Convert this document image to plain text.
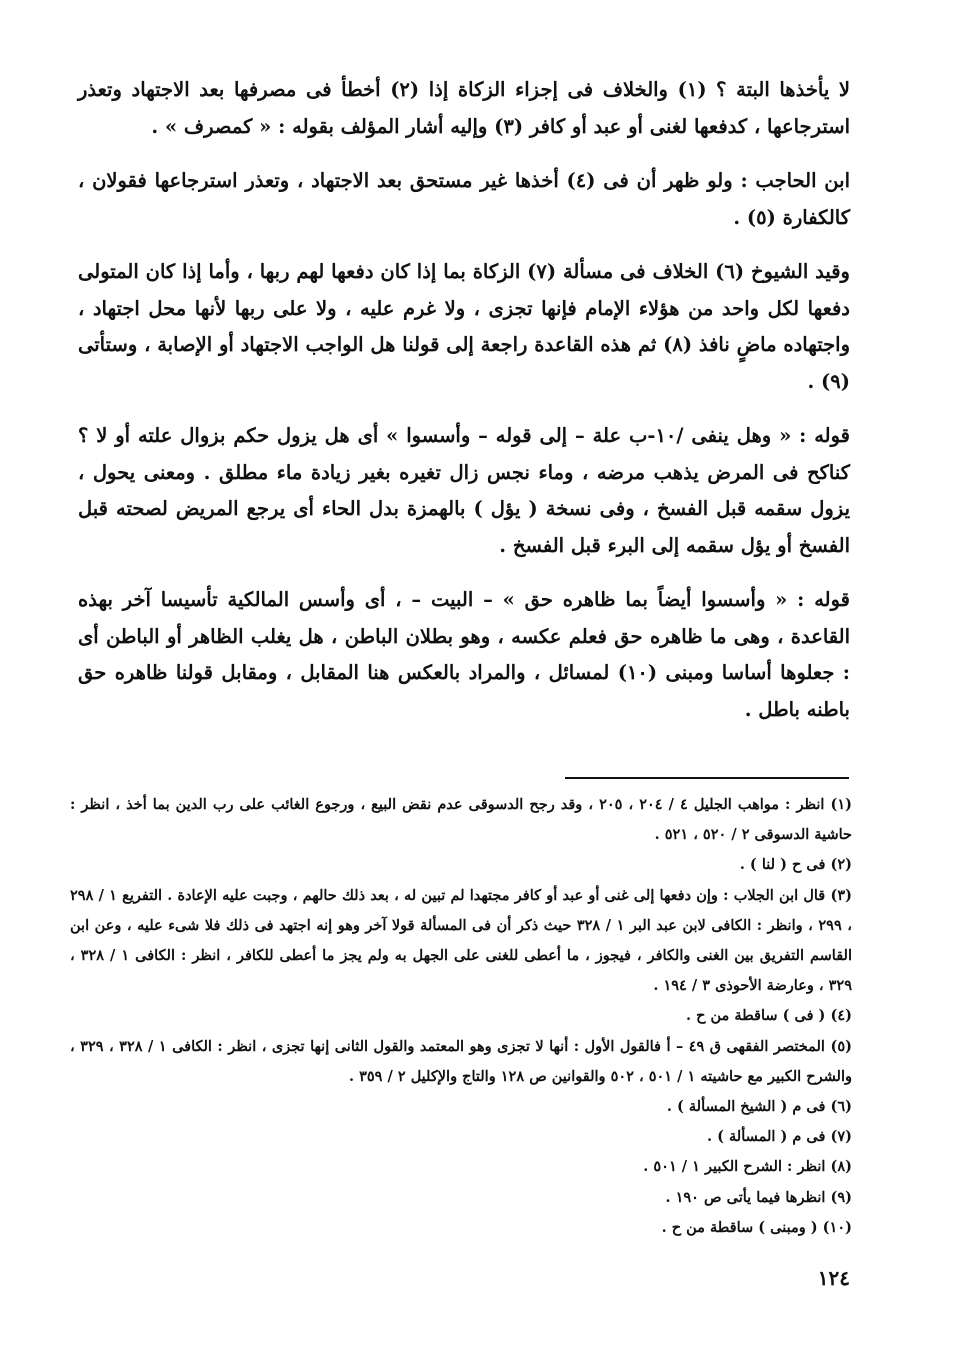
لا يأخذها البتة ؟ (١) والخلاف فى إجزاء الزكاة إذا (٢) أخطأ فى مصرفها بعد الاجتهاد وتعذر استرجاعها ، كدفعها لغنى أو عبد أو كافر (٣) وإليه أشار المؤلف بقوله : « كمصرف » .

ابن الحاجب : ولو ظهر أن فى (٤) أخذها غير مستحق بعد الاجتهاد ، وتعذر استرجاعها فقولان ، كالكفارة (٥) .

وقيد الشيوخ (٦) الخلاف فى مسألة (٧) الزكاة بما إذا كان دفعها لهم ربها ، وأما إذا كان المتولى دفعها لكل واحد من هؤلاء الإمام فإنها تجزى ، ولا غرم عليه ، ولا على ربها لأنها محل اجتهاد ، واجتهاده ماضٍ نافذ (٨) ثم هذه القاعدة راجعة إلى قولنا هل الواجب الاجتهاد أو الإصابة ، وستأتى (٩) .

قوله : « وهل ينفى /١٠-ب علة – إلى قوله – وأسسوا » أى هل يزول حكم بزوال علته أو لا ؟ كناكح فى المرض يذهب مرضه ، وماء نجس زال تغيره بغير زيادة ماء مطلق . ومعنى يحول ، يزول سقمه قبل الفسخ ، وفى نسخة ( يؤل ) بالهمزة بدل الحاء أى يرجع المريض لصحته قبل الفسخ أو يؤل سقمه إلى البرء قبل الفسخ .

قوله : « وأسسوا أيضاً بما ظاهره حق » – البيت – ، أى وأسس المالكية تأسيسا آخر بهذه القاعدة ، وهى ما ظاهره حق فعلم عكسه ، وهو بطلان الباطن ، هل يغلب الظاهر أو الباطن أى : جعلوها أساسا ومبنى (١٠) لمسائل ، والمراد بالعكس هنا المقابل ، ومقابل قولنا ظاهره حق باطنه باطل .

(١) انظر : مواهب الجليل ٤ / ٢٠٤ ، ٢٠٥ ، وقد رجح الدسوقى عدم نقض البيع ، ورجوع الغائب على رب الدين بما أخذ ، انظر : حاشية الدسوقى ٢ / ٥٢٠ ، ٥٢١ .

(٢) فى ح ( لنا ) .

(٣) قال ابن الجلاب : وإن دفعها إلى غنى أو عبد أو كافر مجتهدا لم تبين له ، بعد ذلك حالهم ، وجبت عليه الإعادة . التفريع ١ / ٢٩٨ ، ٢٩٩ ، وانظر : الكافى لابن عبد البر ١ / ٣٢٨ حيث ذكر أن فى المسألة قولا آخر وهو إنه اجتهد فى ذلك فلا شىء عليه ، وعن ابن القاسم التفريق بين الغنى والكافر ، فيجوز ، ما أعطى للغنى على الجهل به ولم يجز ما أعطى للكافر ، انظر : الكافى ١ / ٣٢٨ ، ٣٢٩ ، وعارضة الأحوذى ٣ / ١٩٤ .

(٤) ( فى ) ساقطة من ح .

(٥) المختصر الفقهى ق ٤٩ – أ فالقول الأول : أنها لا تجزى وهو المعتمد والقول الثانى إنها تجزى ، انظر : الكافى ١ / ٣٢٨ ، ٣٢٩ ، والشرح الكبير مع حاشيته ١ / ٥٠١ ، ٥٠٢ والقوانين ص ١٢٨ والتاج والإكليل ٢ / ٣٥٩ .

(٦) فى م ( الشيخ المسألة ) .

(٧) فى م ( المسألة ) .

(٨) انظر : الشرح الكبير ١ / ٥٠١ .

(٩) انظرها فيما يأتى ص ١٩٠ .

(١٠) ( ومبنى ) ساقطة من ح .

١٢٤
